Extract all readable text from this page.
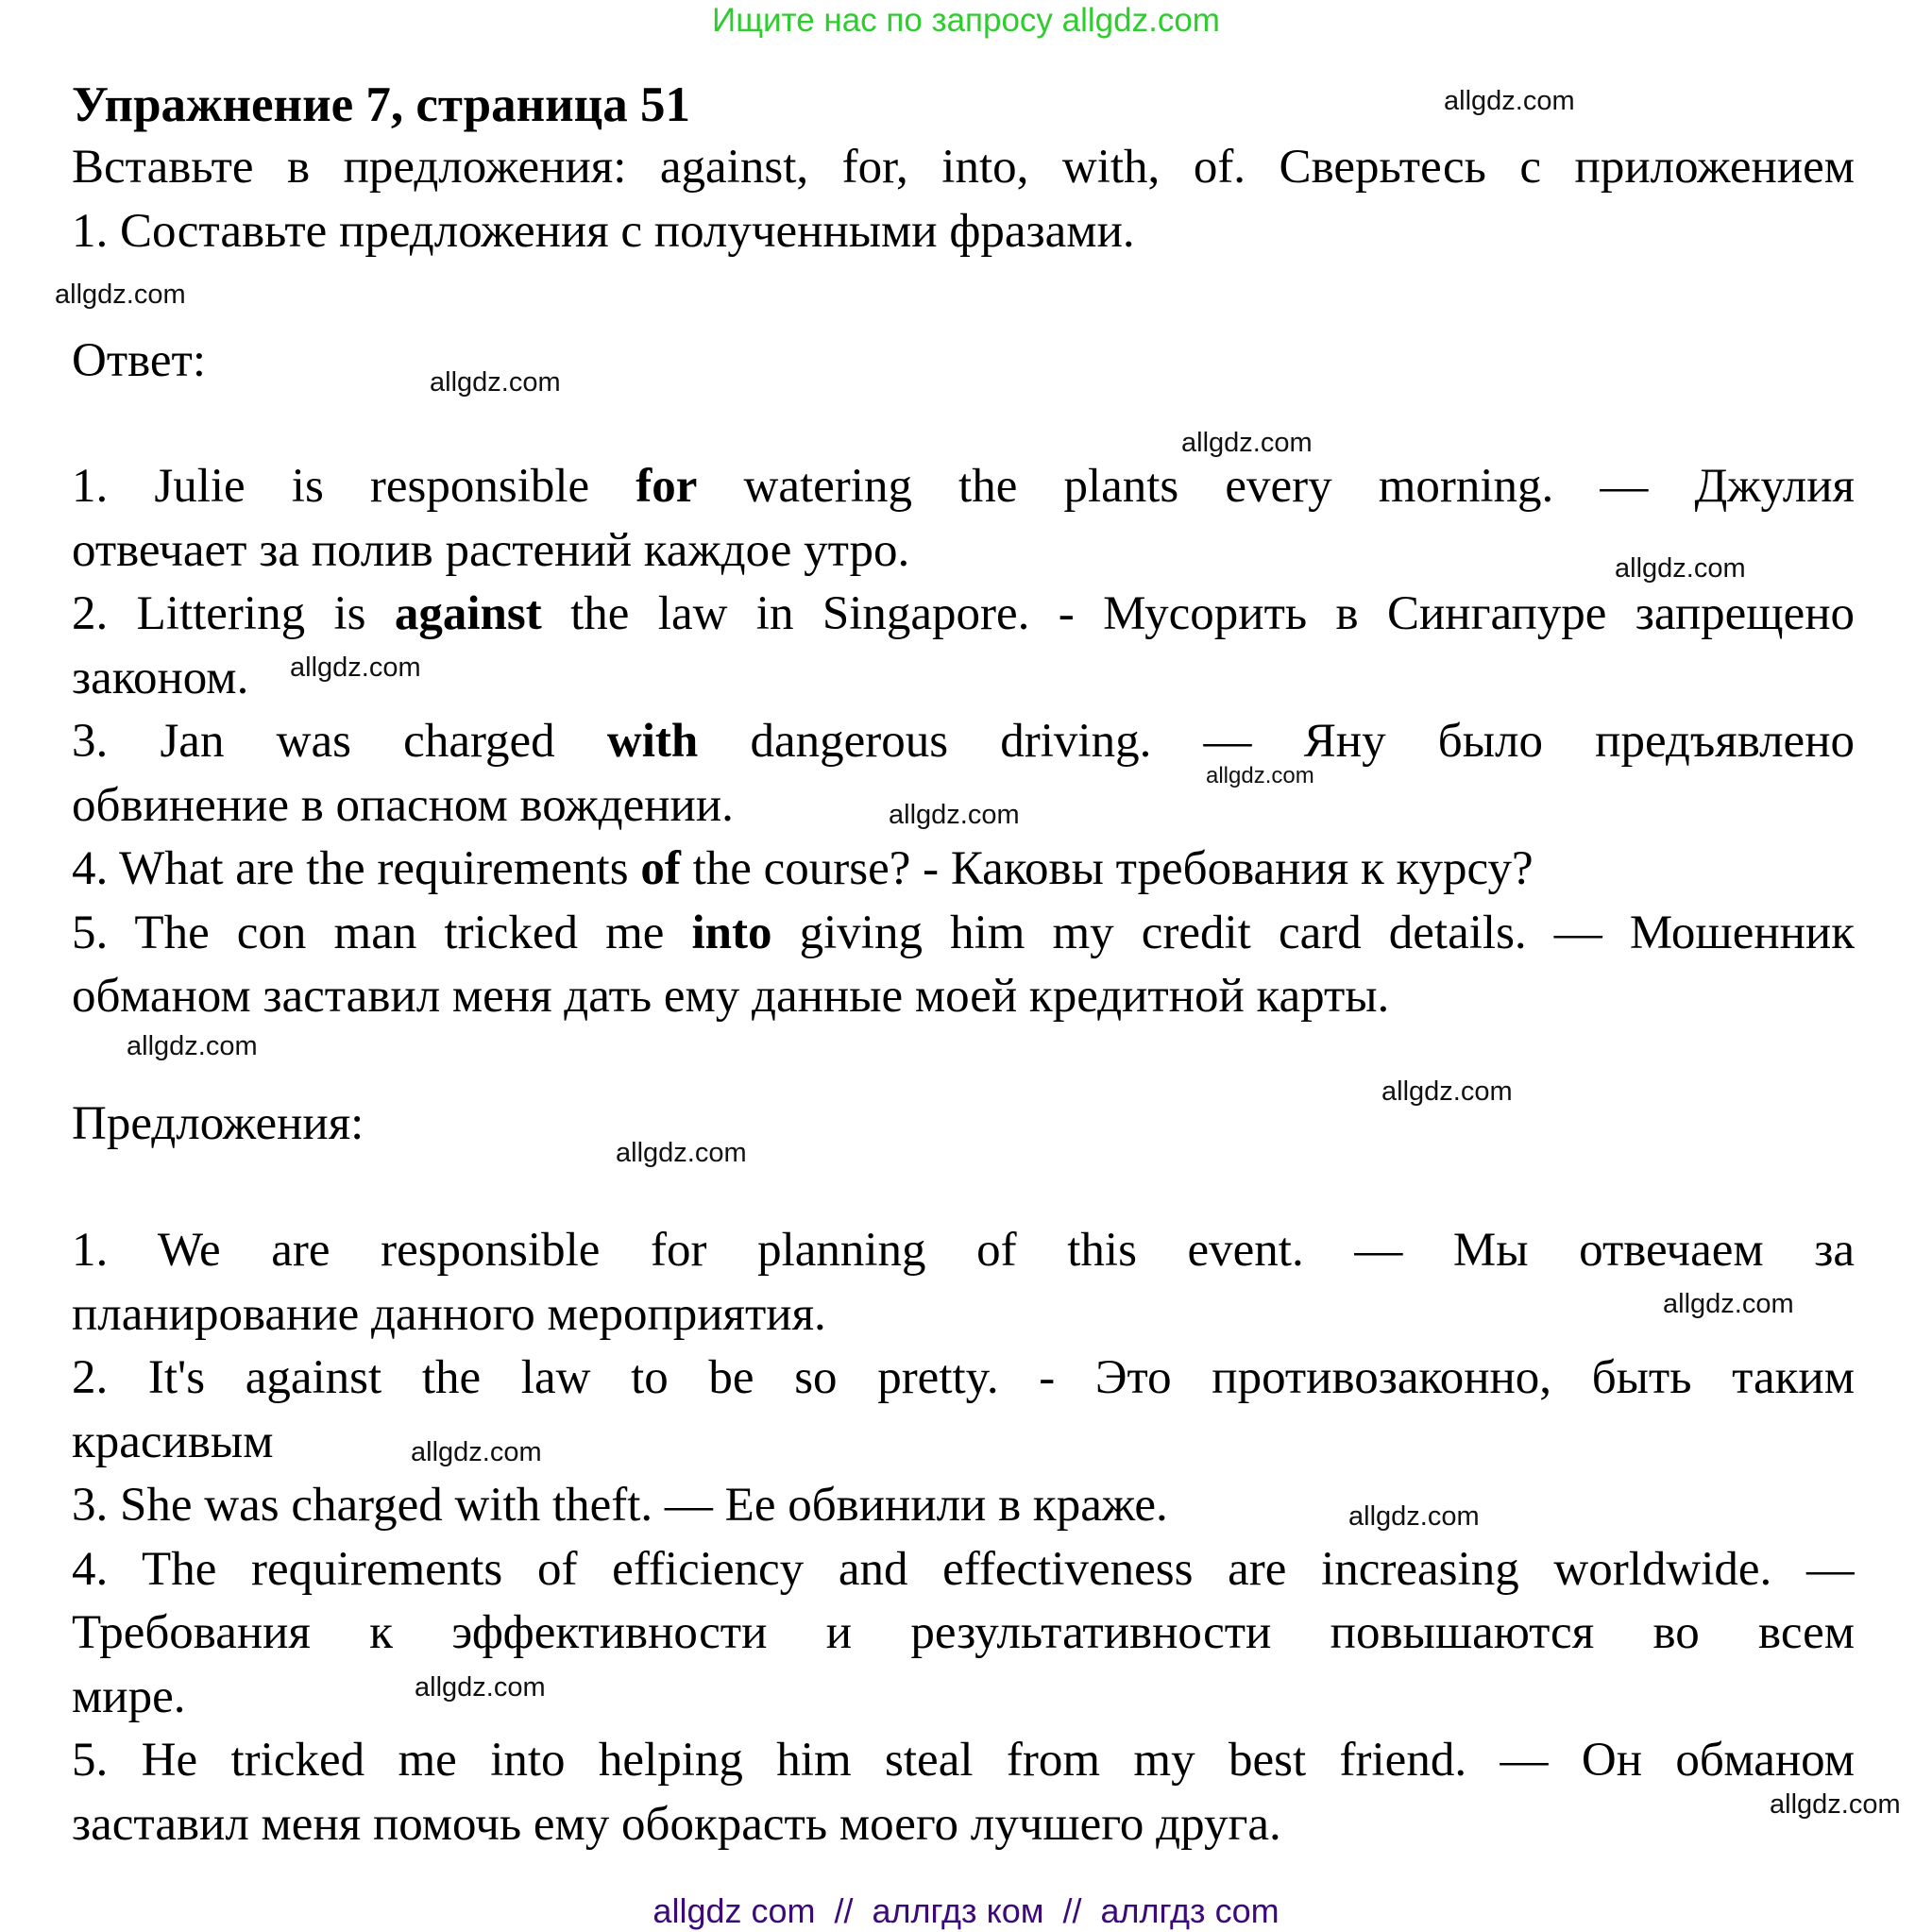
Ищите нас по запросу allgdz.com
Упражнение 7, страница 51
Вставьте в предложения: against, for, into, with, of. Сверьтесь с приложением
1. Составьте предложения с полученными фразами.
Ответ:
1. Julie is responsible for watering the plants every morning. — Джулия
отвечает за полив растений каждое утро.
2. Littering is against the law in Singapore. - Мусорить в Сингапуре запрещено
законом.
3. Jan was charged with dangerous driving. — Яну было предъявлено
обвинение в опасном вождении.
4. What are the requirements of the course? - Каковы требования к курсу?
5. The con man tricked me into giving him my credit card details. — Мошенник
обманом заставил меня дать ему данные моей кредитной карты.
Предложения:
1. We are responsible for planning of this event. — Мы отвечаем за
планирование данного мероприятия.
2. It's against the law to be so pretty. - Это противозаконно, быть таким
красивым
3. She was charged with theft. — Ее обвинили в краже.
4. The requirements of efficiency and effectiveness are increasing worldwide. —
Требования к эффективности и результативности повышаются во всем
мире.
5. He tricked me into helping him steal from my best friend. — Он обманом
заставил меня помочь ему обокрасть моего лучшего друга.
allgdz.com
allgdz.com
allgdz.com
allgdz.com
allgdz.com
allgdz.com
allgdz.com
allgdz.com
allgdz.com
allgdz.com
allgdz.com
allgdz.com
allgdz.com
allgdz.com
allgdz.com
allgdz.com
allgdz com  //  аллгдз ком  //  аллгдз com
